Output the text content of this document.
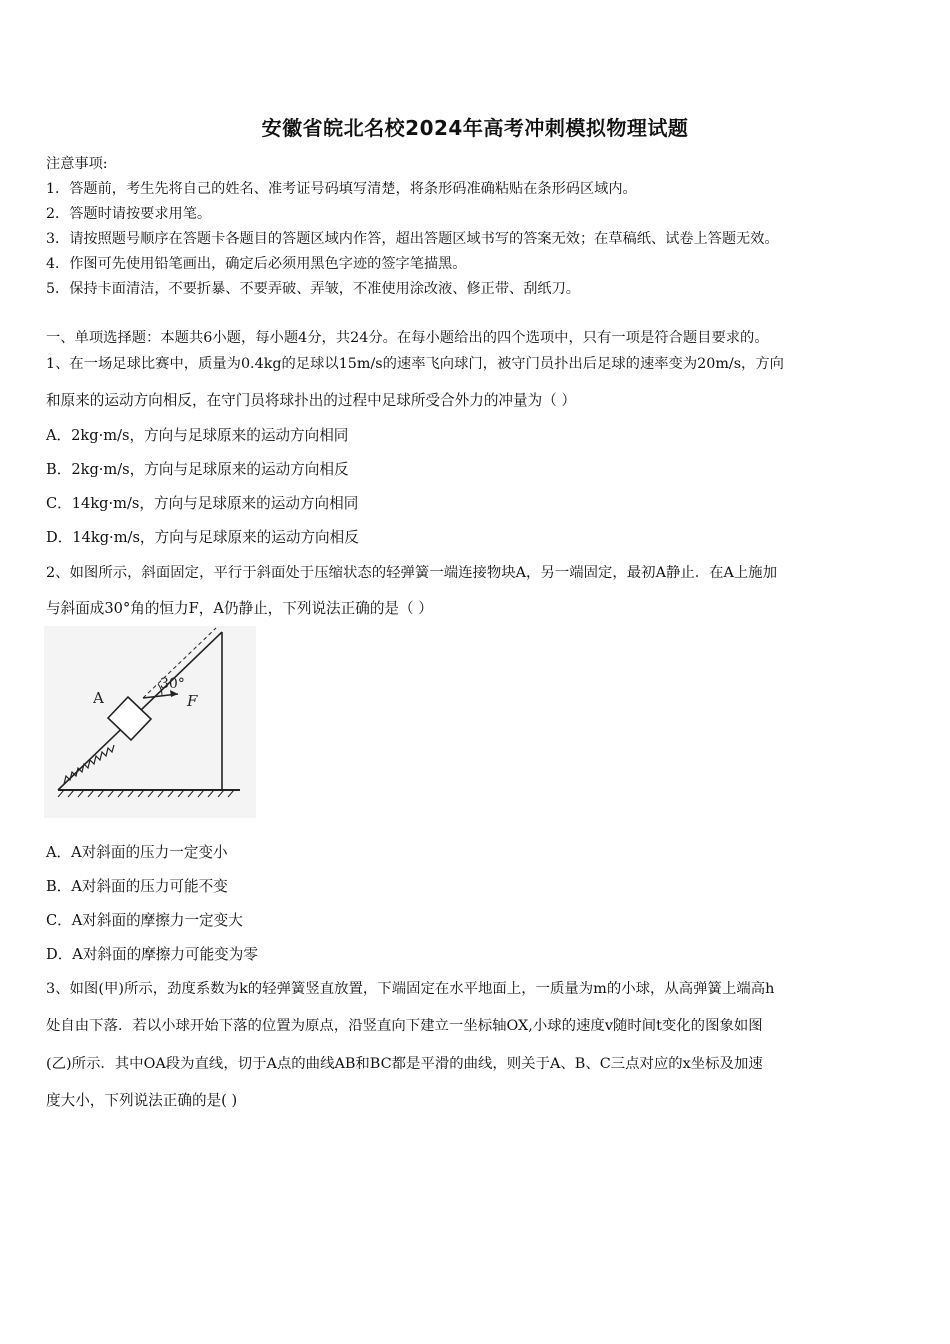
安徽省皖北名校2024年高考冲刺模拟物理试题
注意事项:
1．答题前，考生先将自己的姓名、准考证号码填写清楚，将条形码准确粘贴在条形码区域内。
2．答题时请按要求用笔。
3．请按照题号顺序在答题卡各题目的答题区域内作答，超出答题区域书写的答案无效；在草稿纸、试卷上答题无效。
4．作图可先使用铅笔画出，确定后必须用黑色字迹的签字笔描黑。
5．保持卡面清洁，不要折暴、不要弄破、弄皱，不准使用涂改液、修正带、刮纸刀。
一、单项选择题：本题共6小题，每小题4分，共24分。在每小题给出的四个选项中，只有一项是符合题目要求的。
1、在一场足球比赛中，质量为0.4kg的足球以15m/s的速率飞向球门，被守门员扑出后足球的速率变为20m/s，方向
和原来的运动方向相反，在守门员将球扑出的过程中足球所受合外力的冲量为（ ）
A．2kg·m/s，方向与足球原来的运动方向相同
B．2kg·m/s，方向与足球原来的运动方向相反
C．14kg·m/s，方向与足球原来的运动方向相同
D．14kg·m/s，方向与足球原来的运动方向相反
2、如图所示，斜面固定，平行于斜面处于压缩状态的轻弹簧一端连接物块A，另一端固定，最初A静止．在A上施加
与斜面成30°角的恒力F，A仍静止，下列说法正确的是（ ）
30°
F
A
A．A对斜面的压力一定变小
B．A对斜面的压力可能不变
C．A对斜面的摩擦力一定变大
D．A对斜面的摩擦力可能变为零
3、如图(甲)所示，劲度系数为k的轻弹簧竖直放置，下端固定在水平地面上，一质量为m的小球，从高弹簧上端高h
处自由下落．若以小球开始下落的位置为原点，沿竖直向下建立一坐标轴OX,小球的速度v随时间t变化的图象如图
(乙)所示．其中OA段为直线，切于A点的曲线AB和BC都是平滑的曲线，则关于A、B、C三点对应的x坐标及加速
度大小，下列说法正确的是( )
